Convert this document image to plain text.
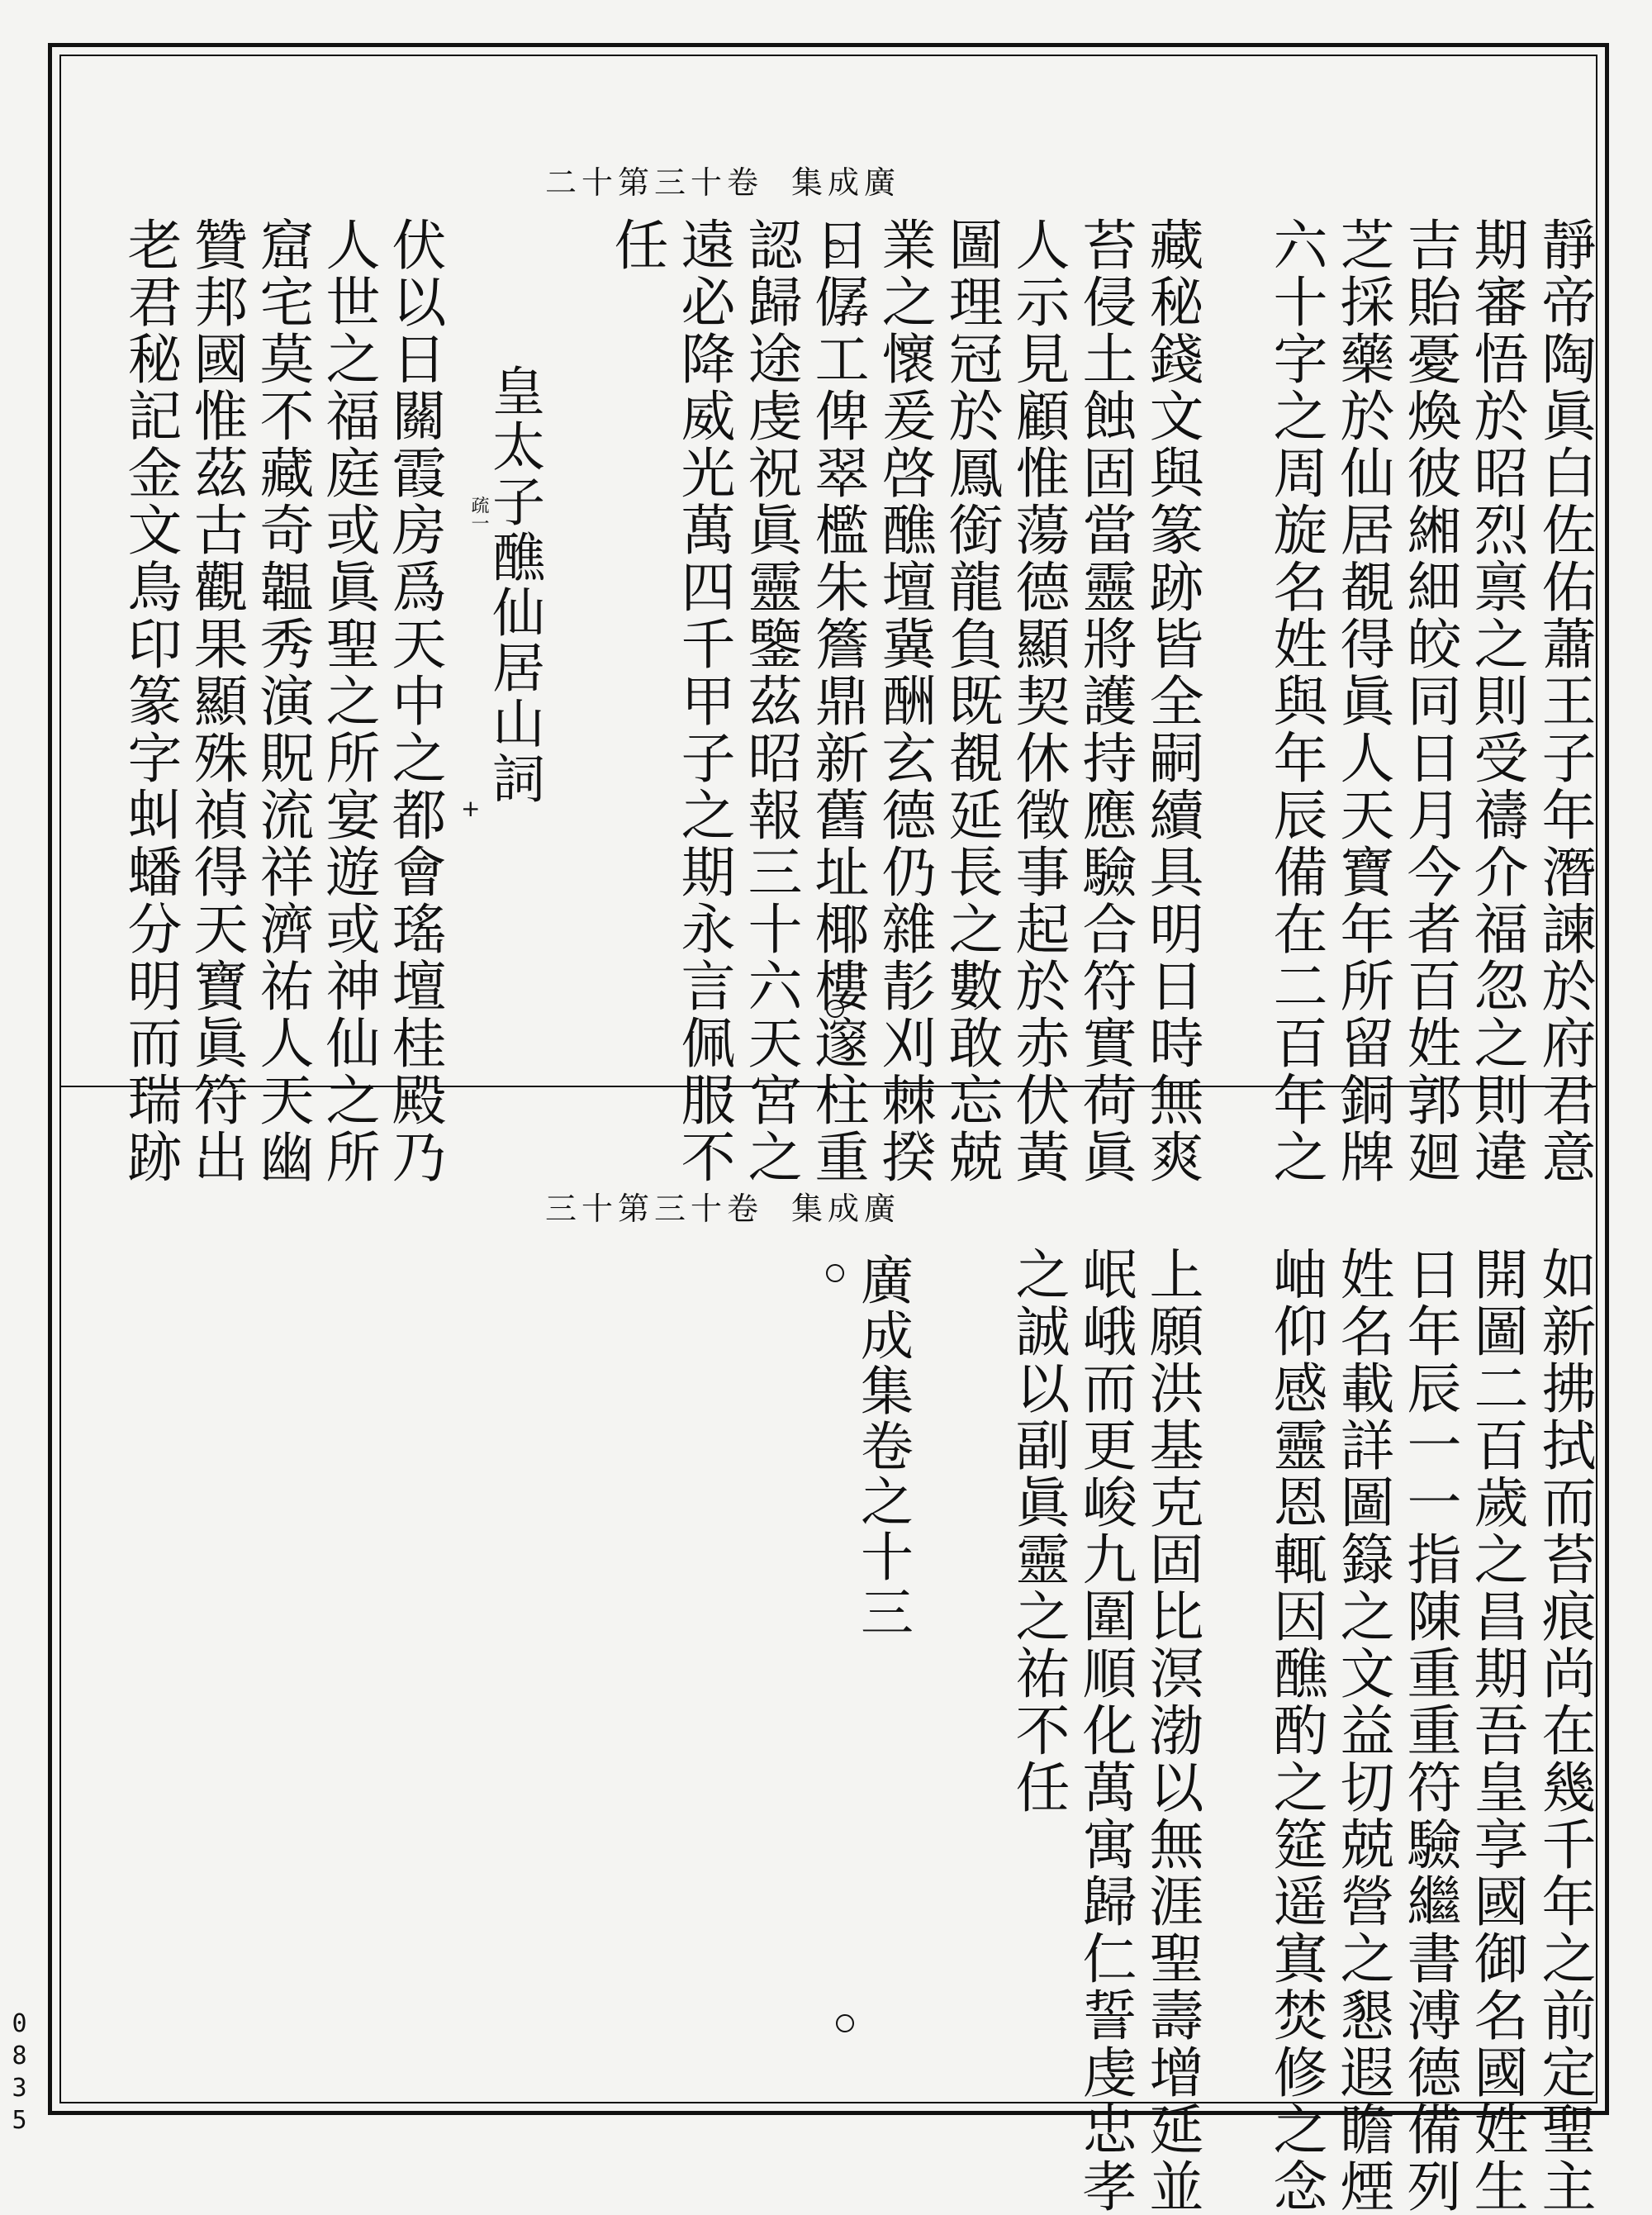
廣成集
卷十三第十二
靜帝陶眞白佐佑蕭王子年潛諫於府君意
期審悟於昭烈禀之則受禱介福忽之則違
吉貽憂煥彼緗細皎同日月今者百姓郭廻
芝採藥於仙居覩得眞人天寶年所留銅牌
六十字之周旋名姓與年辰備在二百年之
藏秘錢文與篆跡皆全嗣續具明日時無爽
苔侵土蝕固當靈將護持應驗合符實荷眞
人示見顧惟蕩德顯契休徵事起於赤伏黃
圖理冠於鳳銜龍負既覩延長之數敢忘兢
業之懷爰啓醮壇冀酬玄德仍雜𩇕刈棘揆
日僝工俾翠檻朱簷鼎新舊址椰樓邃柱重
認歸途虔祝眞靈鑒茲昭報三十六天宮之
遠必降威光萬四千甲子之期永言佩服不
任
皇太子醮仙居山詞
疏一
+
伏以日關霞房爲天中之都會瑤壇桂殿乃
人世之福庭或眞聖之所宴遊或神仙之所
窟宅莫不藏奇韞秀演貺流祥濟祐人天幽
贊邦國惟茲古觀果顯殊禎得天寶眞符出
老君秘記金文鳥印篆字虯蟠分明而瑞跡
廣成集
卷十三第十三
如新拂拭而苔痕尚在幾千年之前定聖主
開圖二百歲之昌期吾皇享國御名國姓生
日年辰一一指陳重重符驗繼書溥德備列
姓名載詳圖籙之文益切兢營之懇遐瞻煙
岫仰感靈恩輒因醮酌之筵遥寘焚修之念
上願洪基克固比溟渤以無涯聖壽增延並
岷峨而更峻九圍順化萬寓歸仁誓虔忠孝
之誠以副眞靈之祐不任
廣成集卷之十三
0835
